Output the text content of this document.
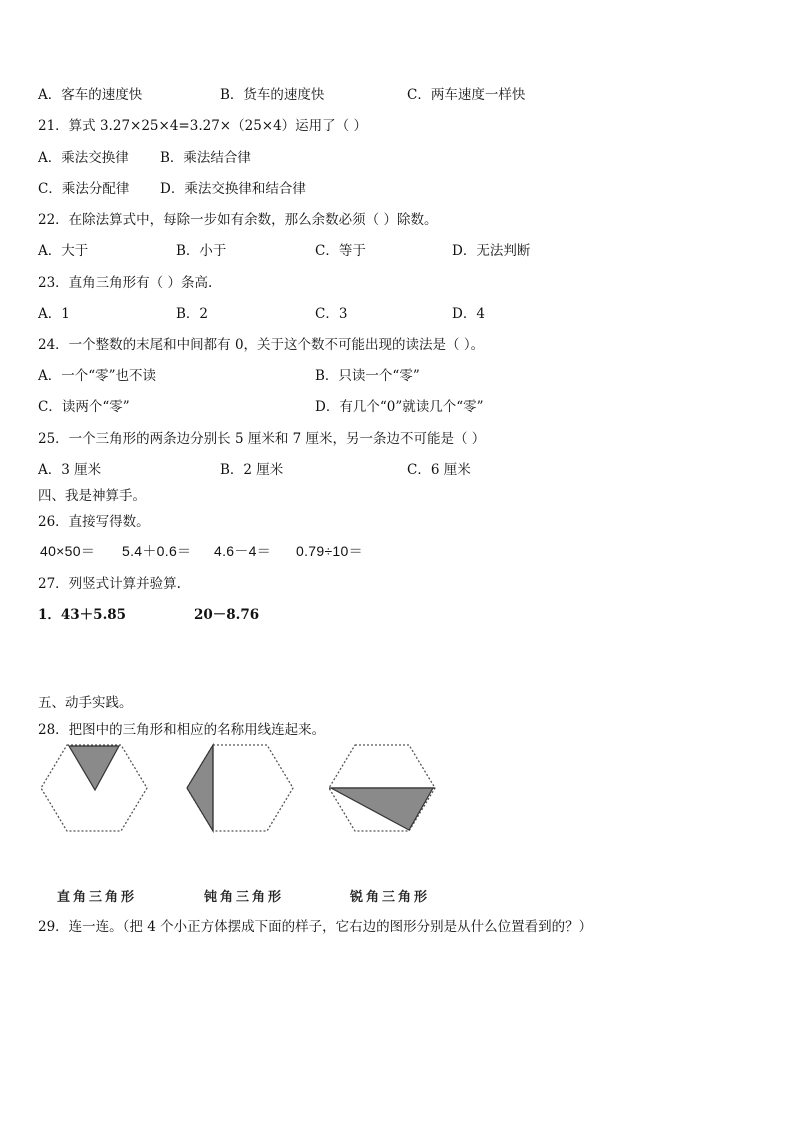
A．客车的速度快	B．货车的速度快	C．两车速度一样快
21．算式 3.27×25×4=3.27×（25×4）运用了（ ）
A．乘法交换律 B．乘法结合律
C．乘法分配律 D．乘法交换律和结合律
22．在除法算式中，每除一步如有余数，那么余数必须（ ）除数。
A．大于	B．小于	C．等于	D．无法判断
23．直角三角形有（ ）条高.
A．1	B．2	C．3	D．4
24．一个整数的末尾和中间都有 0，关于这个数不可能出现的读法是（ ）。
A．一个“零”也不读	B．只读一个“零”
C．读两个“零”	D．有几个“0”就读几个“零”
25．一个三角形的两条边分别长 5 厘米和 7 厘米，另一条边不可能是（ ）
A．3 厘米	B．2 厘米	C．6 厘米
四、我是神算手。
26．直接写得数。
40×50＝ 5.4＋0.6＝ 4.6－4＝ 0.79÷10＝
27．列竖式计算并验算.
1．43＋5.85	20－8.76
五、动手实践。
28．把图中的三角形和相应的名称用线连起来。
直角三角形	钝角三角形	锐角三角形
29．连一连。（把 4 个小正方体摆成下面的样子，它右边的图形分别是从什么位置看到的？）
